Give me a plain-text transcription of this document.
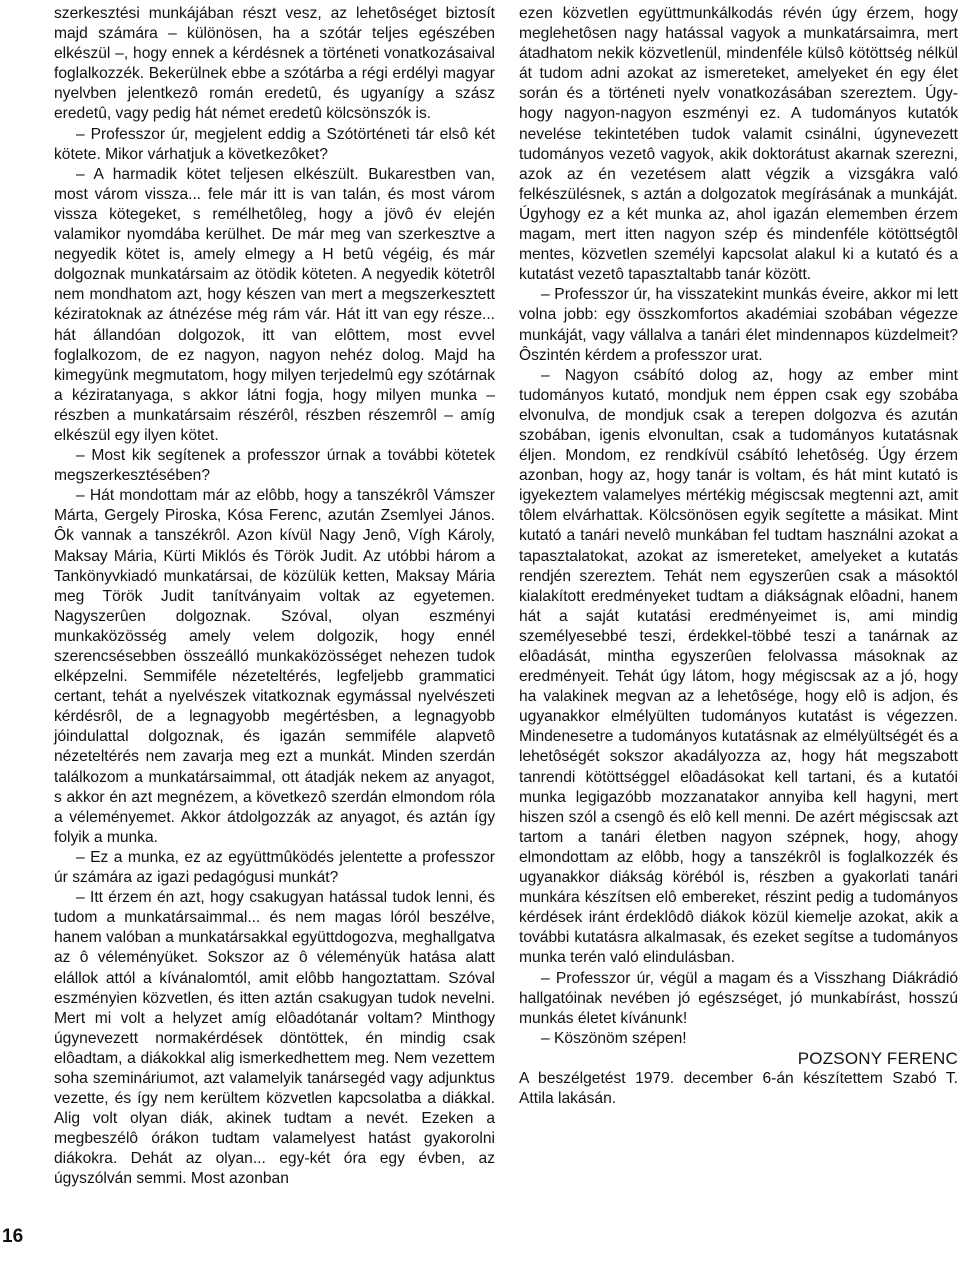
szerkesztési munkájában részt vesz, az lehetôséget biztosít majd számára – különösen, ha a szótár teljes egészében elkészül –, hogy ennek a kérdésnek a történeti vonatkozásaival foglalkozzék. Bekerülnek ebbe a szótárba a régi erdélyi magyar nyelvben jelentkezô román eredetû, és ugyanígy a szász eredetû, vagy pedig hát német eredetû kölcsönszók is.

– Professzor úr, megjelent eddig a Szótörténeti tár elsô két kötete. Mikor várhatjuk a következôket?

– A harmadik kötet teljesen elkészült. Bukarestben van, most várom vissza... fele már itt is van talán, és most várom vissza kötegeket, s remélhetôleg, hogy a jövô év elején valamikor nyomdába kerülhet. De már meg van szerkesztve a negyedik kötet is, amely elmegy a H betû végéig, és már dolgoznak munkatársaim az ötödik köteten. A negyedik kötetrôl nem mondhatom azt, hogy készen van mert a megszerkesztett kéziratoknak az átnézése még rám vár. Hát itt van egy része... hát állandóan dolgozok, itt van elôttem, most evvel foglalkozom, de ez nagyon, nagyon nehéz dolog. Majd ha kimegyünk megmutatom, hogy milyen terjedelmû egy szótárnak a kéziratanyaga, s akkor látni fogja, hogy milyen munka – részben a munkatársaim részérôl, részben részemrôl – amíg elkészül egy ilyen kötet.

– Most kik segítenek a professzor úrnak a további kötetek megszerkesztésében?

– Hát mondottam már az elôbb, hogy a tanszékrôl Vámszer Márta, Gergely Piroska, Kósa Ferenc, azután Zsemlyei János. Ôk vannak a tanszékrôl. Azon kívül Nagy Jenô, Vígh Károly, Maksay Mária, Kürti Miklós és Török Judit. Az utóbbi három a Tankönyvkiadó munkatársai, de közülük ketten, Maksay Mária meg Török Judit tanítványaim voltak az egyetemen. Nagyszerûen dolgoznak. Szóval, olyan eszményi munkaközösség amely velem dolgozik, hogy ennél szerencsésebben összeálló munkaközösséget nehezen tudok elképzelni. Semmiféle nézeteltérés, legfeljebb grammatici certant, tehát a nyelvészek vitatkoznak egymással nyelvészeti kérdésrôl, de a legnagyobb megértésben, a legnagyobb jóindulattal dolgoznak, és igazán semmiféle alapvetô nézeteltérés nem zavarja meg ezt a munkát. Minden szerdán találkozom a munkatársaimmal, ott átadják nekem az anyagot, s akkor én azt megnézem, a következô szerdán elmondom róla a véleményemet. Akkor átdolgozzák az anyagot, és aztán így folyik a munka.

– Ez a munka, ez az együttmûködés jelentette a professzor úr számára az igazi pedagógusi munkát?

– Itt érzem én azt, hogy csakugyan hatással tudok lenni, és tudom a munkatársaimmal... és nem magas lóról beszélve, hanem valóban a munkatársakkal együttdogozva, meghallgatva az ô véleményüket. Sokszor az ô véleményük hatása alatt elállok attól a kívánalomtól, amit elôbb hangoztattam. Szóval eszményien közvetlen, és itten aztán csakugyan tudok nevelni. Mert mi volt a helyzet amíg elôadótanár voltam? Minthogy úgynevezett normakérdések döntöttek, én mindig csak elôadtam, a diákokkal alig ismerkedhettem meg. Nem vezettem soha szemináriumot, azt valamelyik tanársegéd vagy adjunktus vezette, és így nem kerültem közvetlen kapcsolatba a diákkal. Alig volt olyan diák, akinek tudtam a nevét. Ezeken a megbeszélô órákon tudtam valamelyest hatást gyakorolni diákokra. Dehát az olyan... egy-két óra egy évben, az úgyszólván semmi. Most azonban

ezen közvetlen együttmunkálkodás révén úgy érzem, hogy meglehetôsen nagy hatással vagyok a munkatársaimra, mert átadhatom nekik közvetlenül, mindenféle külsô kötöttség nélkül át tudom adni azokat az ismereteket, amelyeket én egy élet során és a történeti nyelv vonatkozásában szereztem. Úgy-hogy nagyon-nagyon eszményi ez. A tudományos kutatók nevelése tekintetében tudok valamit csinálni, úgynevezett tudományos vezetô vagyok, akik doktorátust akarnak szerezni, azok az én vezetésem alatt végzik a vizsgákra való felkészülésnek, s aztán a dolgozatok megírásának a munkáját. Úgyhogy ez a két munka az, ahol igazán elememben érzem magam, mert itten nagyon szép és mindenféle kötöttségtôl mentes, közvetlen személyi kapcsolat alakul ki a kutató és a kutatást vezetô tapasztaltabb tanár között.

– Professzor úr, ha visszatekint munkás éveire, akkor mi lett volna jobb: egy összkomfortos akadémiai szobában végezze munkáját, vagy vállalva a tanári élet mindennapos küzdelmeit? Ôszintén kérdem a professzor urat.

– Nagyon csábító dolog az, hogy az ember mint tudományos kutató, mondjuk nem éppen csak egy szobába elvonulva, de mondjuk csak a terepen dolgozva és azután szobában, igenis elvonultan, csak a tudományos kutatásnak éljen. Mondom, ez rendkívül csábító lehetôség. Úgy érzem azonban, hogy az, hogy tanár is voltam, és hát mint kutató is igyekeztem valamelyes mértékig mégiscsak megtenni azt, amit tôlem elvárhattak. Kölcsönösen egyik segítette a másikat. Mint kutató a tanári nevelô munkában fel tudtam használni azokat a tapasztalatokat, azokat az ismereteket, amelyeket a kutatás rendjén szereztem. Tehát nem egyszerûen csak a másoktól kialakított eredményeket tudtam a diákságnak elôadni, hanem hát a saját kutatási eredményeimet is, ami mindig személyesebbé teszi, érdekkel-többé teszi a tanárnak az elôadását, mintha egyszerûen felolvassa másoknak az eredményeit. Tehát úgy látom, hogy mégiscsak az a jó, hogy ha valakinek megvan az a lehetôsége, hogy elô is adjon, és ugyanakkor elmélyülten tudományos kutatást is végezzen. Mindenesetre a tudományos kutatásnak az elmélyültségét és a lehetôségét sokszor akadályozza az, hogy hát megszabott tanrendi kötöttséggel elôadásokat kell tartani, és a kutatói munka legigazóbb mozzanatakor annyiba kell hagyni, mert hiszen szól a csengô és elô kell menni. De azért mégiscsak azt tartom a tanári életben nagyon szépnek, hogy, ahogy elmondottam az elôbb, hogy a tanszékrôl is foglalkozzék és ugyanakkor diákság köréból is, részben a gyakorlati tanári munkára készítsen elô embereket, részint pedig a tudományos kérdések iránt érdeklôdô diákok közül kiemelje azokat, akik a további kutatásra alkalmasak, és ezeket segítse a tudományos munka terén való elindulásban.

– Professzor úr, végül a magam és a Visszhang Diákrádió hallgatóinak nevében jó egészséget, jó munkabírást, hosszú munkás életet kívánunk!

– Köszönöm szépen!

POZSONY FERENC

A beszélgetést 1979. december 6-án készítettem Szabó T. Attila lakásán.

16
